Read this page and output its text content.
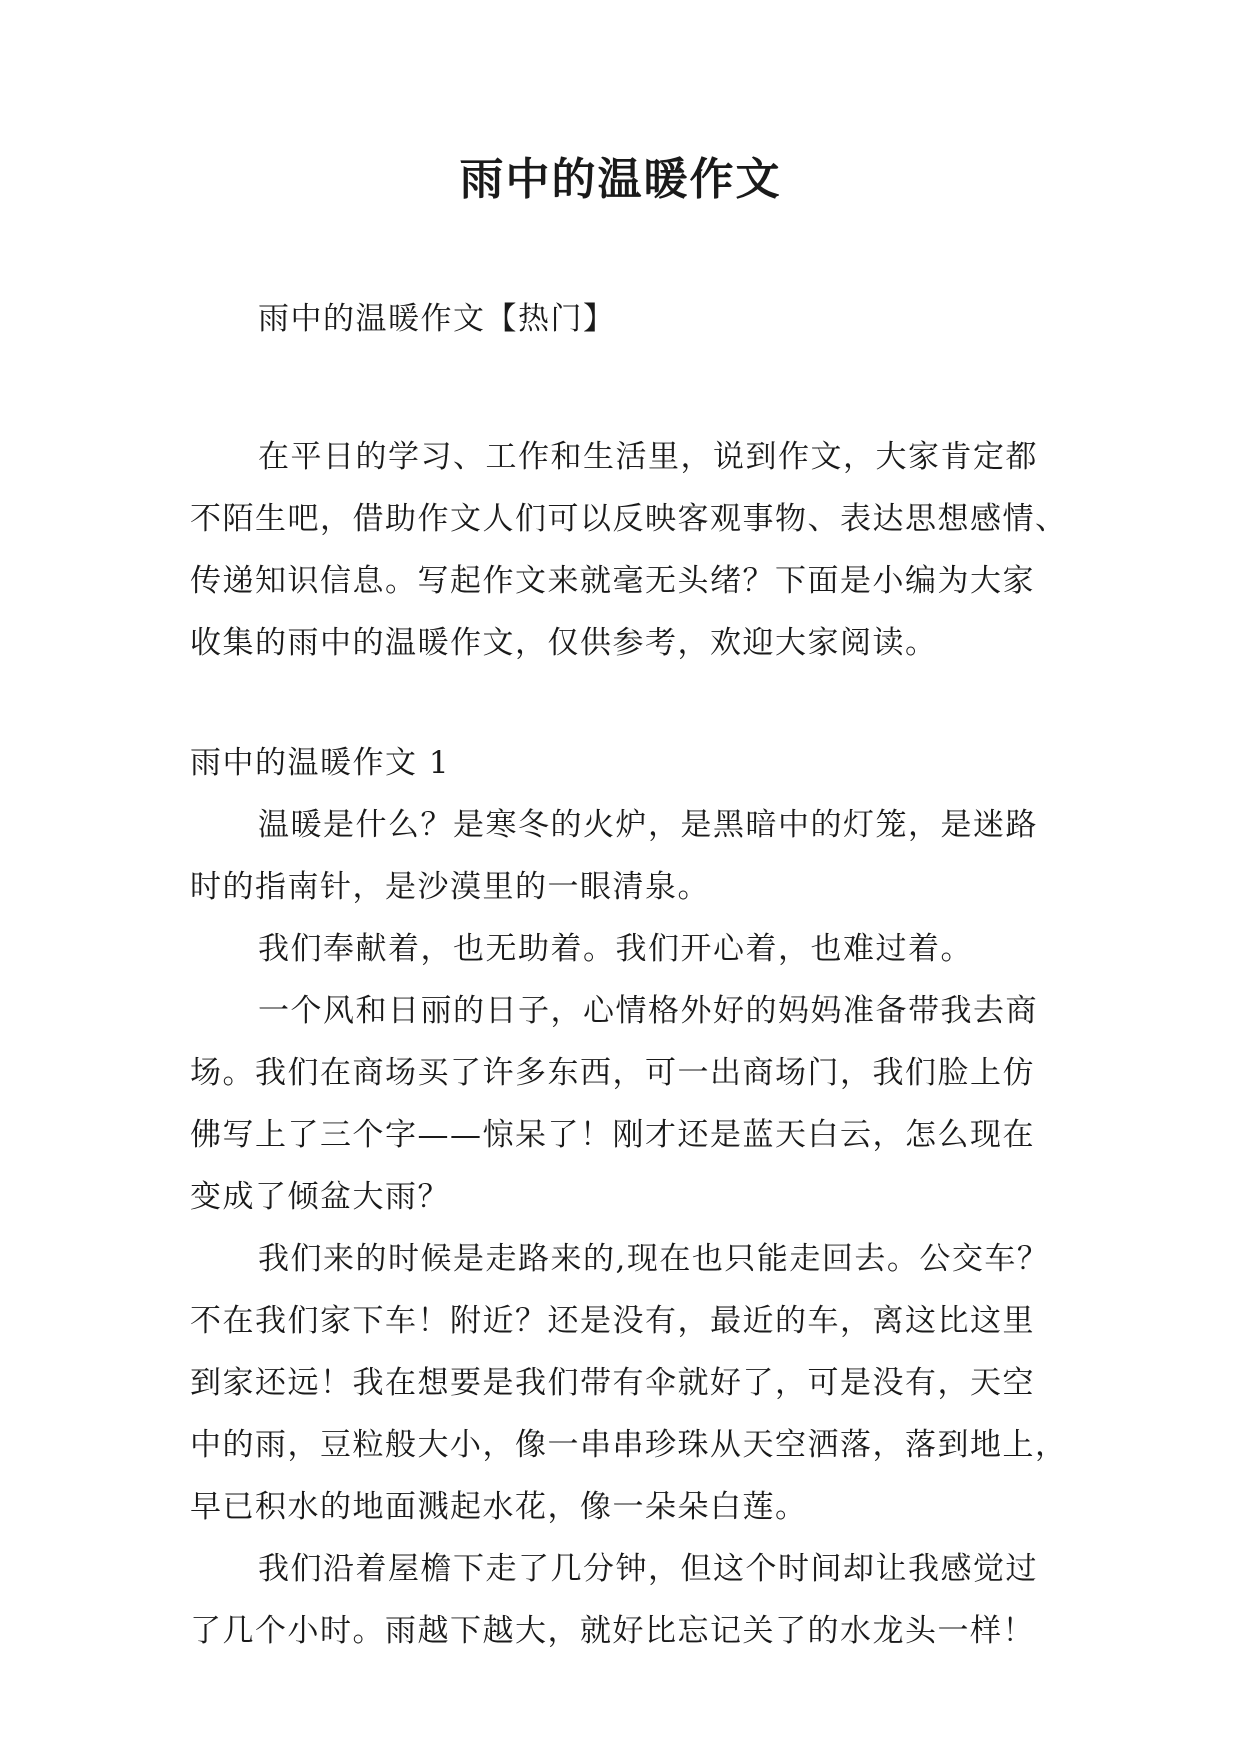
雨中的温暖作文
雨中的温暖作文【热门】
在平日的学习、工作和生活里，说到作文，大家肯定都
不陌生吧，借助作文人们可以反映客观事物、表达思想感情、
传递知识信息。写起作文来就毫无头绪？下面是小编为大家
收集的雨中的温暖作文，仅供参考，欢迎大家阅读。
雨中的温暖作文 1
温暖是什么？是寒冬的火炉，是黑暗中的灯笼，是迷路
时的指南针，是沙漠里的一眼清泉。
我们奉献着，也无助着。我们开心着，也难过着。
一个风和日丽的日子，心情格外好的妈妈准备带我去商
场。我们在商场买了许多东西，可一出商场门，我们脸上仿
佛写上了三个字——惊呆了！刚才还是蓝天白云，怎么现在
变成了倾盆大雨？
我们来的时候是走路来的,现在也只能走回去。公交车？
不在我们家下车！附近？还是没有，最近的车，离这比这里
到家还远！我在想要是我们带有伞就好了，可是没有，天空
中的雨，豆粒般大小，像一串串珍珠从天空洒落，落到地上，
早已积水的地面溅起水花，像一朵朵白莲。
我们沿着屋檐下走了几分钟，但这个时间却让我感觉过
了几个小时。雨越下越大，就好比忘记关了的水龙头一样！
